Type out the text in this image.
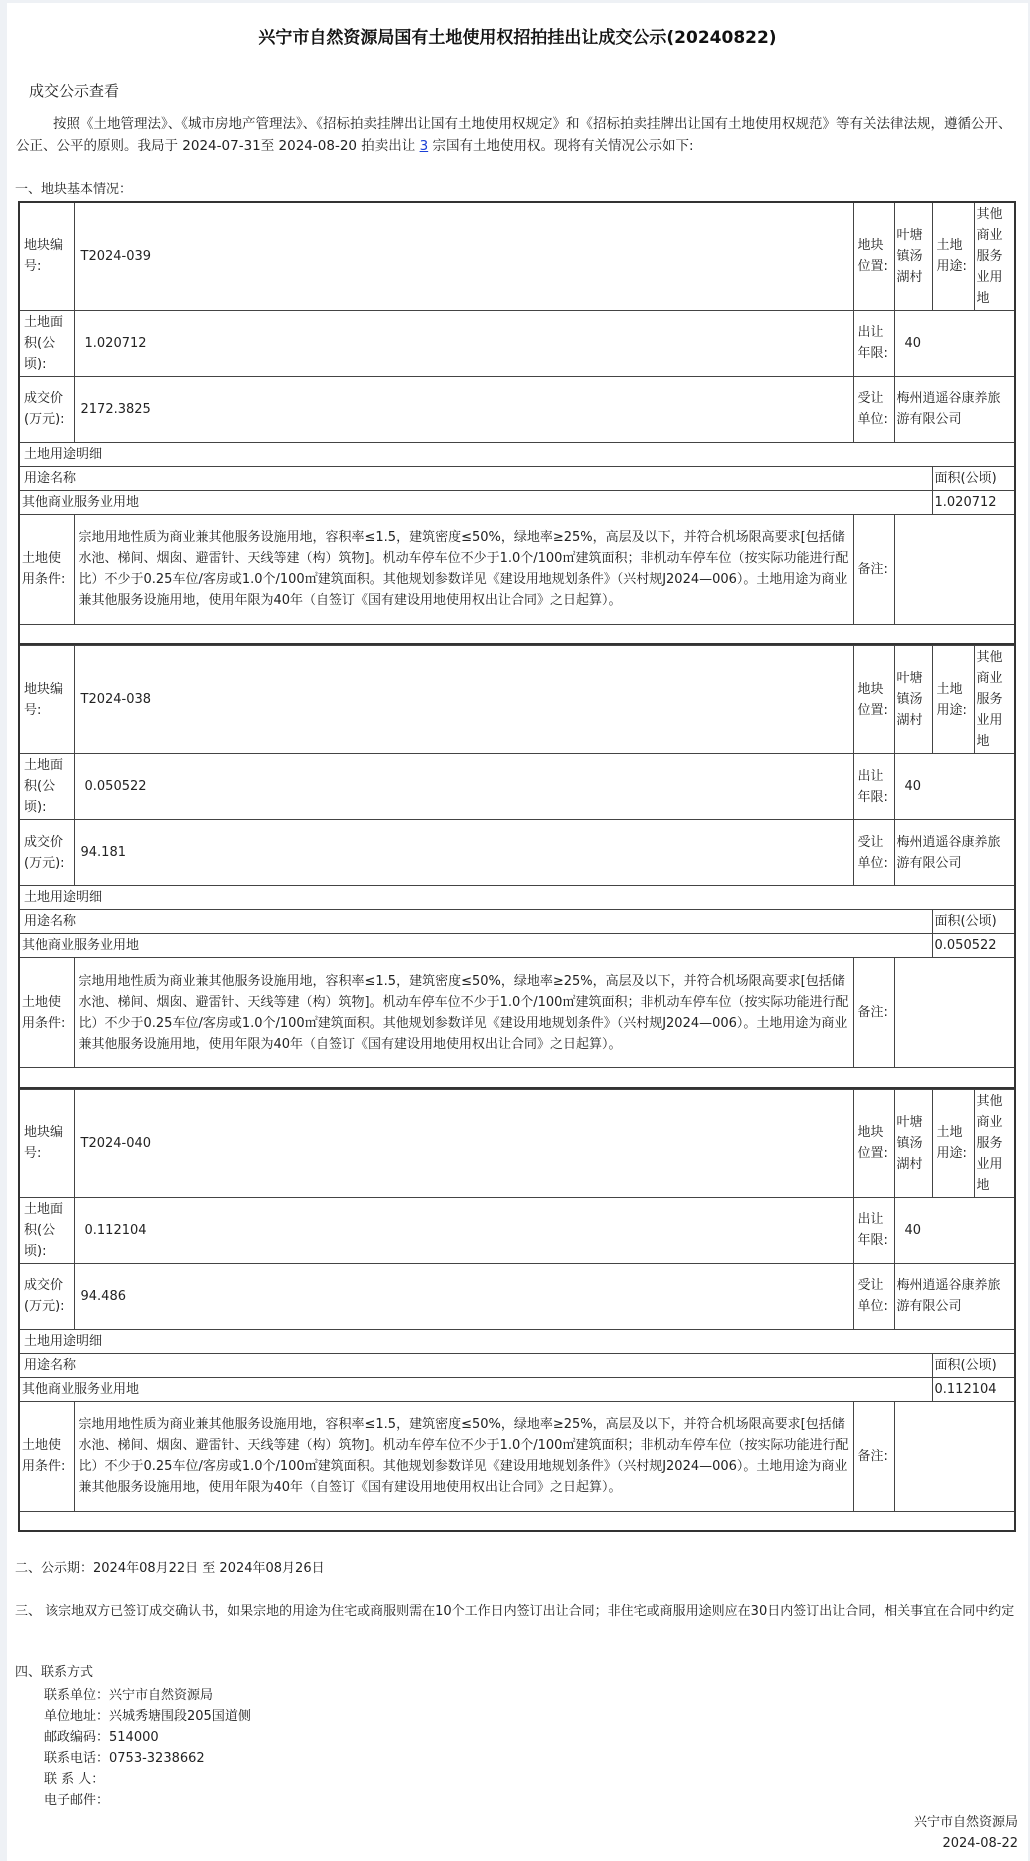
兴宁市自然资源局国有土地使用权招拍挂出让成交公示(20240822)
成交公示查看
按照《土地管理法》、《城市房地产管理法》、《招标拍卖挂牌出让国有土地使用权规定》和《招标拍卖挂牌出让国有土地使用权规范》等有关法律法规，遵循公开、公正、公平的原则。我局于 2024-07-31至 2024-08-20 拍卖出让 3 宗国有土地使用权。现将有关情况公示如下:
一、地块基本情况：
地块编号:	T2024-039	地块位置:	叶塘镇汤湖村	土地用途:	其他商业服务业用地
土地面积(公顷):	1.020712	出让年限:	40		
成交价(万元):	2172.3825	受让单位:	梅州逍遥谷康养旅游有限公司		
土地用途明细					
用途名称				面积(公顷)	
其他商业服务业用地				1.020712	
土地使用条件:	宗地用地性质为商业兼其他服务设施用地，容积率≤1.5，建筑密度≤50%，绿地率≥25%，高层及以下，并符合机场限高要求[包括储水池、梯间、烟囱、避雷针、天线等建（构）筑物]。机动车停车位不少于1.0个/100㎡建筑面积；非机动车停车位（按实际功能进行配比）不少于0.25车位/客房或1.0个/100㎡建筑面积。其他规划参数详见《建设用地规划条件》（兴村规J2024—006）。土地用途为商业兼其他服务设施用地，使用年限为40年（自签订《国有建设用地使用权出让合同》之日起算）。	备注:			

地块编号:	T2024-038	地块位置:	叶塘镇汤湖村	土地用途:	其他商业服务业用地
土地面积(公顷):	0.050522	出让年限:	40		
成交价(万元):	94.181	受让单位:	梅州逍遥谷康养旅游有限公司		
土地用途明细					
用途名称				面积(公顷)	
其他商业服务业用地				0.050522	
土地使用条件:	宗地用地性质为商业兼其他服务设施用地，容积率≤1.5，建筑密度≤50%，绿地率≥25%，高层及以下，并符合机场限高要求[包括储水池、梯间、烟囱、避雷针、天线等建（构）筑物]。机动车停车位不少于1.0个/100㎡建筑面积；非机动车停车位（按实际功能进行配比）不少于0.25车位/客房或1.0个/100㎡建筑面积。其他规划参数详见《建设用地规划条件》（兴村规J2024—006）。土地用途为商业兼其他服务设施用地，使用年限为40年（自签订《国有建设用地使用权出让合同》之日起算）。	备注:			

地块编号:	T2024-040	地块位置:	叶塘镇汤湖村	土地用途:	其他商业服务业用地
土地面积(公顷):	0.112104	出让年限:	40		
成交价(万元):	94.486	受让单位:	梅州逍遥谷康养旅游有限公司		
土地用途明细					
用途名称				面积(公顷)	
其他商业服务业用地				0.112104	
土地使用条件:	宗地用地性质为商业兼其他服务设施用地，容积率≤1.5，建筑密度≤50%，绿地率≥25%，高层及以下，并符合机场限高要求[包括储水池、梯间、烟囱、避雷针、天线等建（构）筑物]。机动车停车位不少于1.0个/100㎡建筑面积；非机动车停车位（按实际功能进行配比）不少于0.25车位/客房或1.0个/100㎡建筑面积。其他规划参数详见《建设用地规划条件》（兴村规J2024—006）。土地用途为商业兼其他服务设施用地，使用年限为40年（自签订《国有建设用地使用权出让合同》之日起算）。	备注:			

二、公示期：2024年08月22日 至 2024年08月26日
三、 该宗地双方已签订成交确认书，如果宗地的用途为住宅或商服则需在10个工作日内签订出让合同；非住宅或商服用途则应在30日内签订出让合同，相关事宜在合同中约定
四、联系方式
联系单位：兴宁市自然资源局
单位地址：兴城秀塘围段205国道侧
邮政编码：514000
联系电话：0753-3238662
联 系 人：
电子邮件：
兴宁市自然资源局
2024-08-22
